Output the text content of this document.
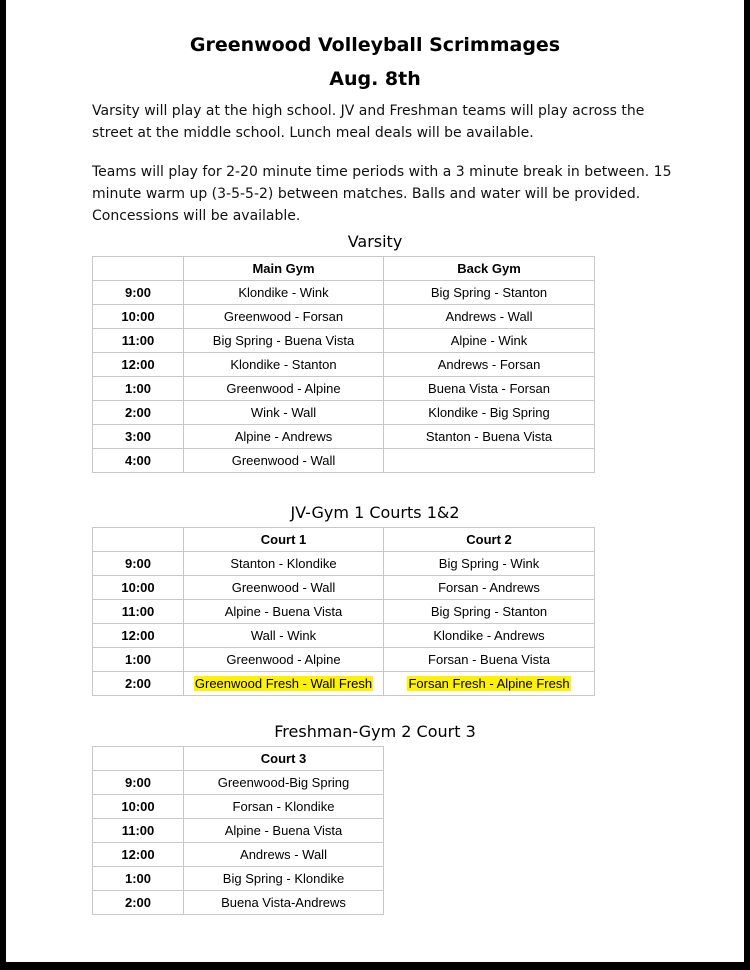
Greenwood Volleyball Scrimmages
Aug. 8th
Varsity will play at the high school. JV and Freshman teams will play across the street at the middle school. Lunch meal deals will be available.
Teams will play for 2-20 minute time periods with a 3 minute break in between. 15 minute warm up (3-5-5-2) between matches. Balls and water will be provided. Concessions will be available.
Varsity
	Main Gym	Back Gym
9:00	Klondike - Wink	Big Spring - Stanton
10:00	Greenwood - Forsan	Andrews - Wall
11:00	Big Spring - Buena Vista	Alpine - Wink
12:00	Klondike - Stanton	Andrews - Forsan
1:00	Greenwood - Alpine	Buena Vista - Forsan
2:00	Wink - Wall	Klondike - Big Spring
3:00	Alpine - Andrews	Stanton - Buena Vista
4:00	Greenwood - Wall	
JV-Gym 1 Courts 1&2
	Court 1	Court 2
9:00	Stanton - Klondike	Big Spring - Wink
10:00	Greenwood - Wall	Forsan - Andrews
11:00	Alpine - Buena Vista	Big Spring - Stanton
12:00	Wall - Wink	Klondike - Andrews
1:00	Greenwood - Alpine	Forsan - Buena Vista
2:00	Greenwood Fresh - Wall Fresh	Forsan Fresh - Alpine Fresh
Freshman-Gym 2 Court 3
	Court 3
9:00	Greenwood-Big Spring
10:00	Forsan - Klondike
11:00	Alpine - Buena Vista
12:00	Andrews - Wall
1:00	Big Spring - Klondike
2:00	Buena Vista-Andrews
